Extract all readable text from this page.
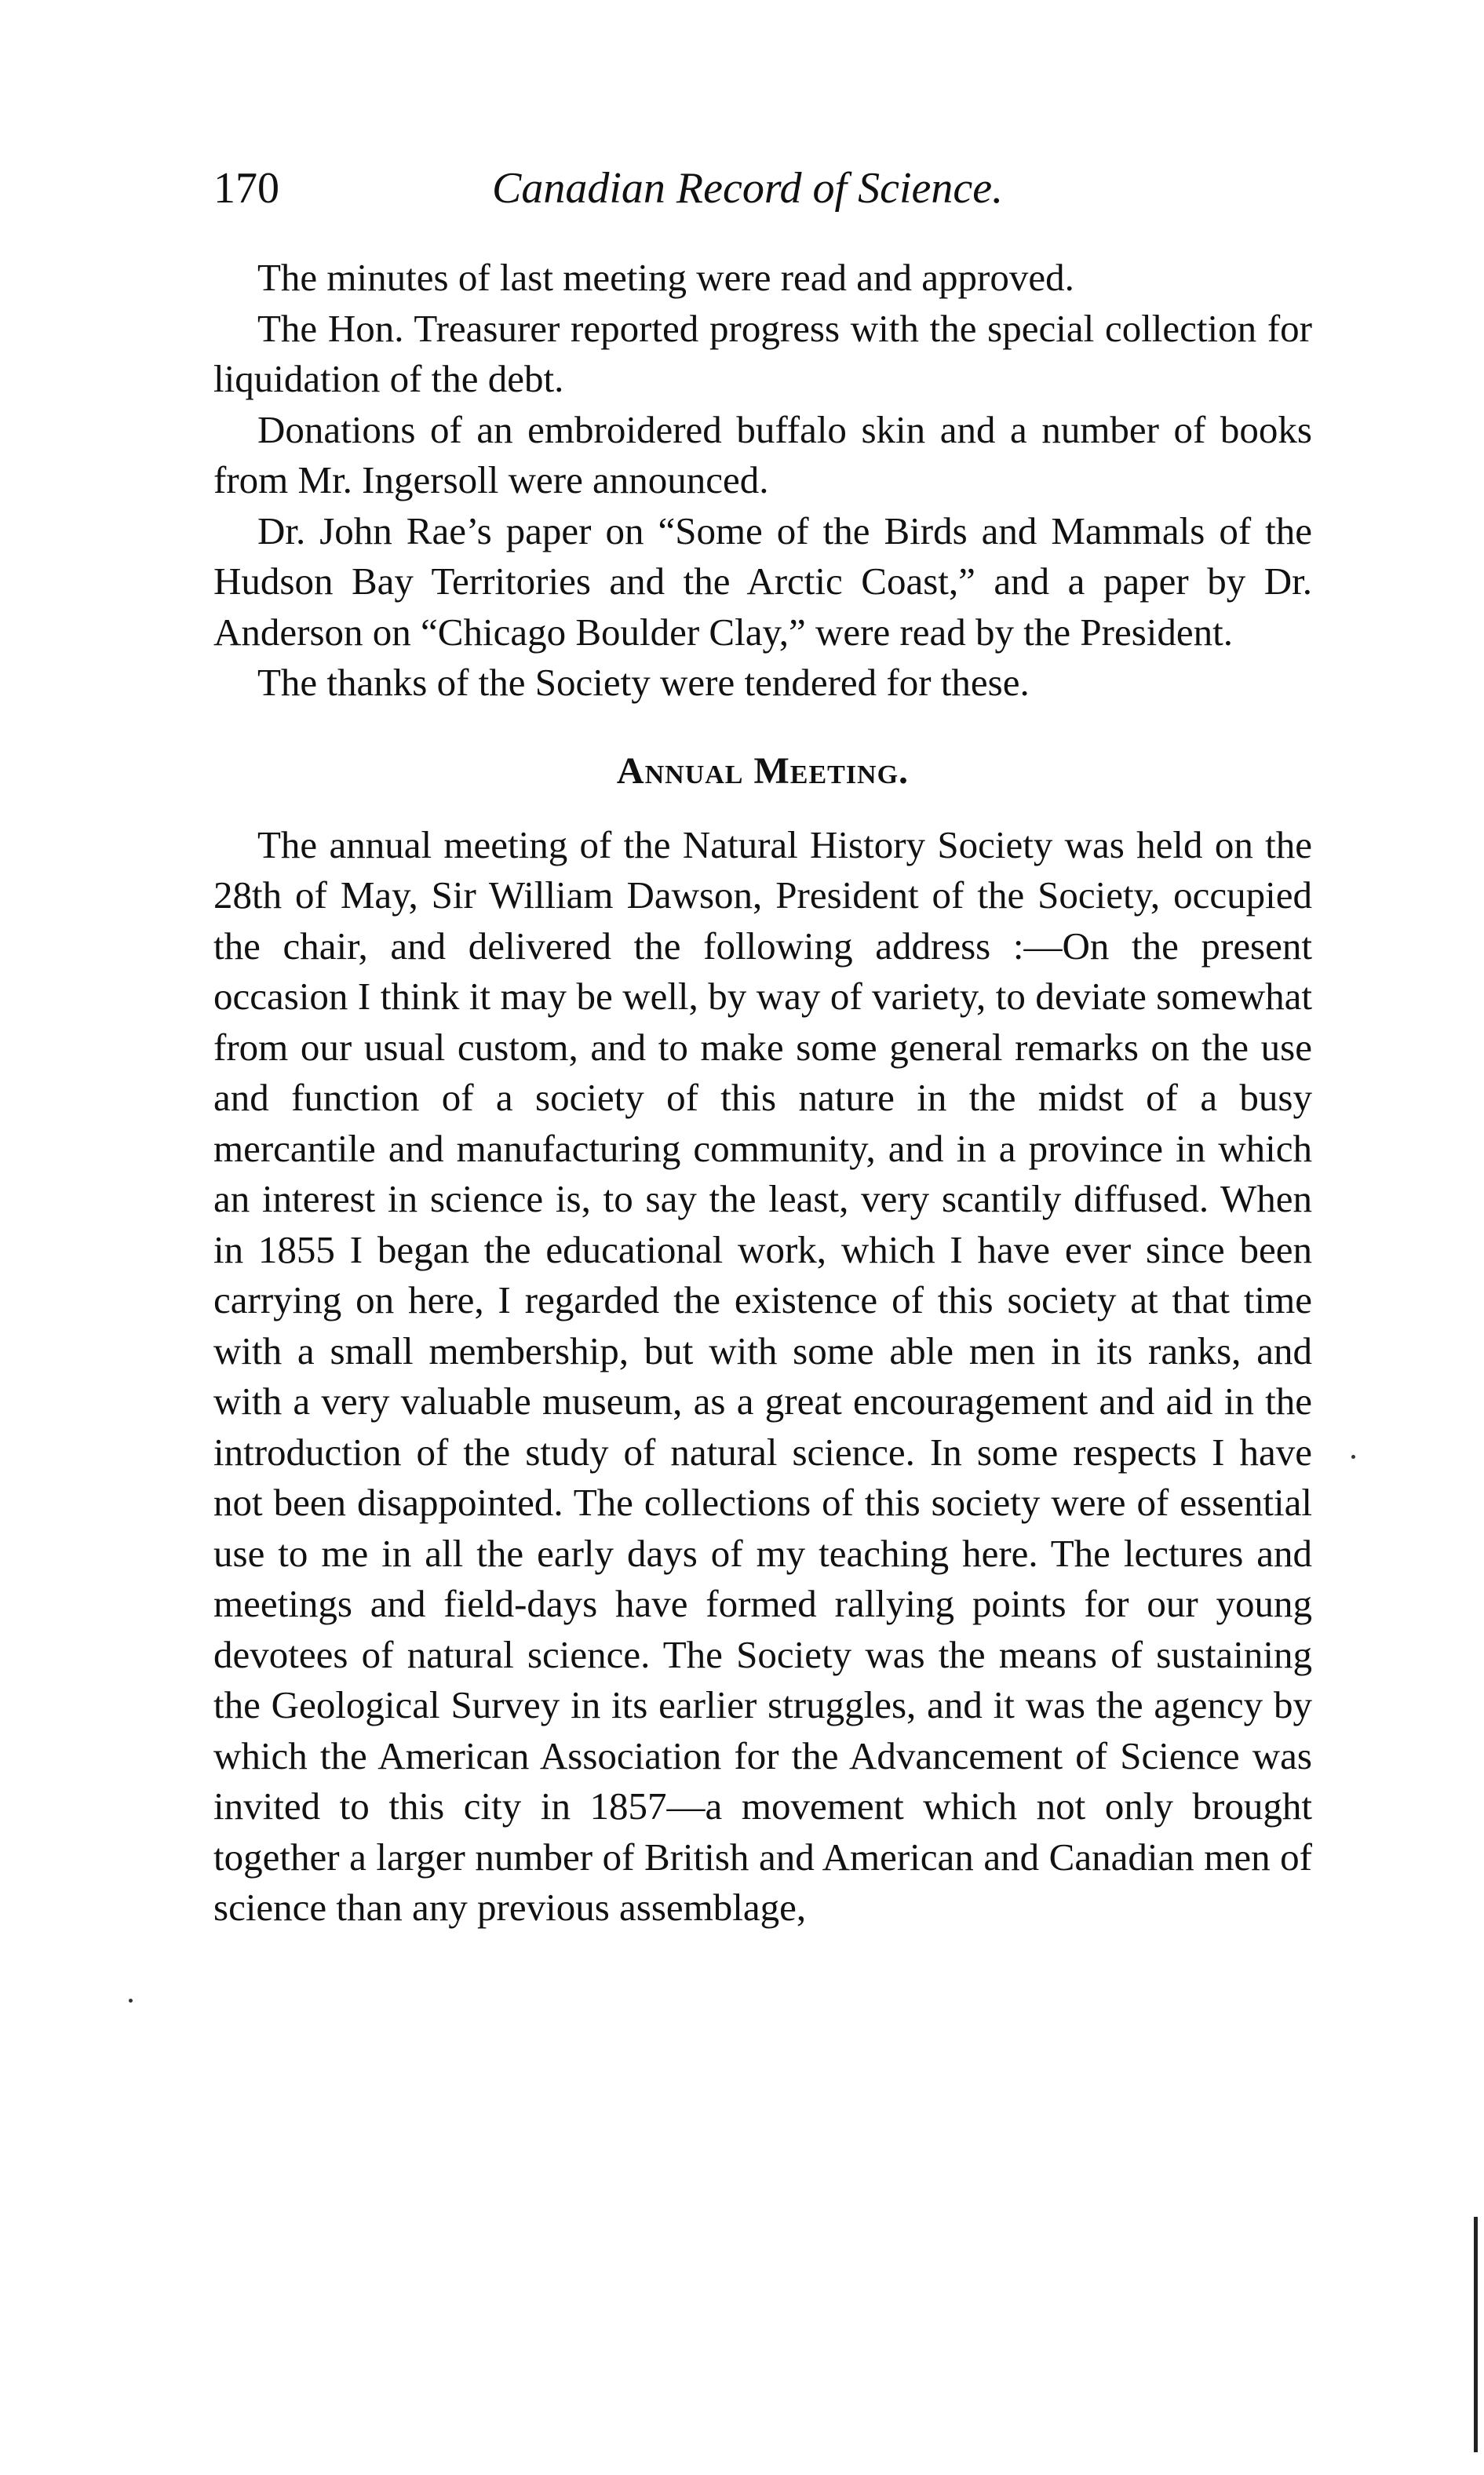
170	Canadian Record of Science.

The minutes of last meeting were read and approved.

The Hon. Treasurer reported progress with the special collection for liquidation of the debt.

Donations of an embroidered buffalo skin and a number of books from Mr. Ingersoll were announced.

Dr. John Rae’s paper on “Some of the Birds and Mammals of the Hudson Bay Territories and the Arctic Coast,” and a paper by Dr. Anderson on “Chicago Boulder Clay,” were read by the President.

The thanks of the Society were tendered for these.

Annual Meeting.

The annual meeting of the Natural History Society was held on the 28th of May, Sir William Dawson, President of the Society, occupied the chair, and delivered the following address :—On the present occasion I think it may be well, by way of variety, to deviate somewhat from our usual custom, and to make some general remarks on the use and function of a society of this nature in the midst of a busy mercantile and manufacturing community, and in a province in which an interest in science is, to say the least, very scantily diffused. When in 1855 I began the educational work, which I have ever since been carrying on here, I regarded the existence of this society at that time with a small membership, but with some able men in its ranks, and with a very valuable museum, as a great encouragement and aid in the introduction of the study of natural science. In some respects I have not been disappointed. The collections of this society were of essential use to me in all the early days of my teaching here. The lectures and meetings and field-days have formed rallying points for our young devotees of natural science. The Society was the means of sustaining the Geological Survey in its earlier struggles, and it was the agency by which the American Association for the Advancement of Science was invited to this city in 1857—a movement which not only brought together a larger number of British and American and Canadian men of science than any previous assemblage,
